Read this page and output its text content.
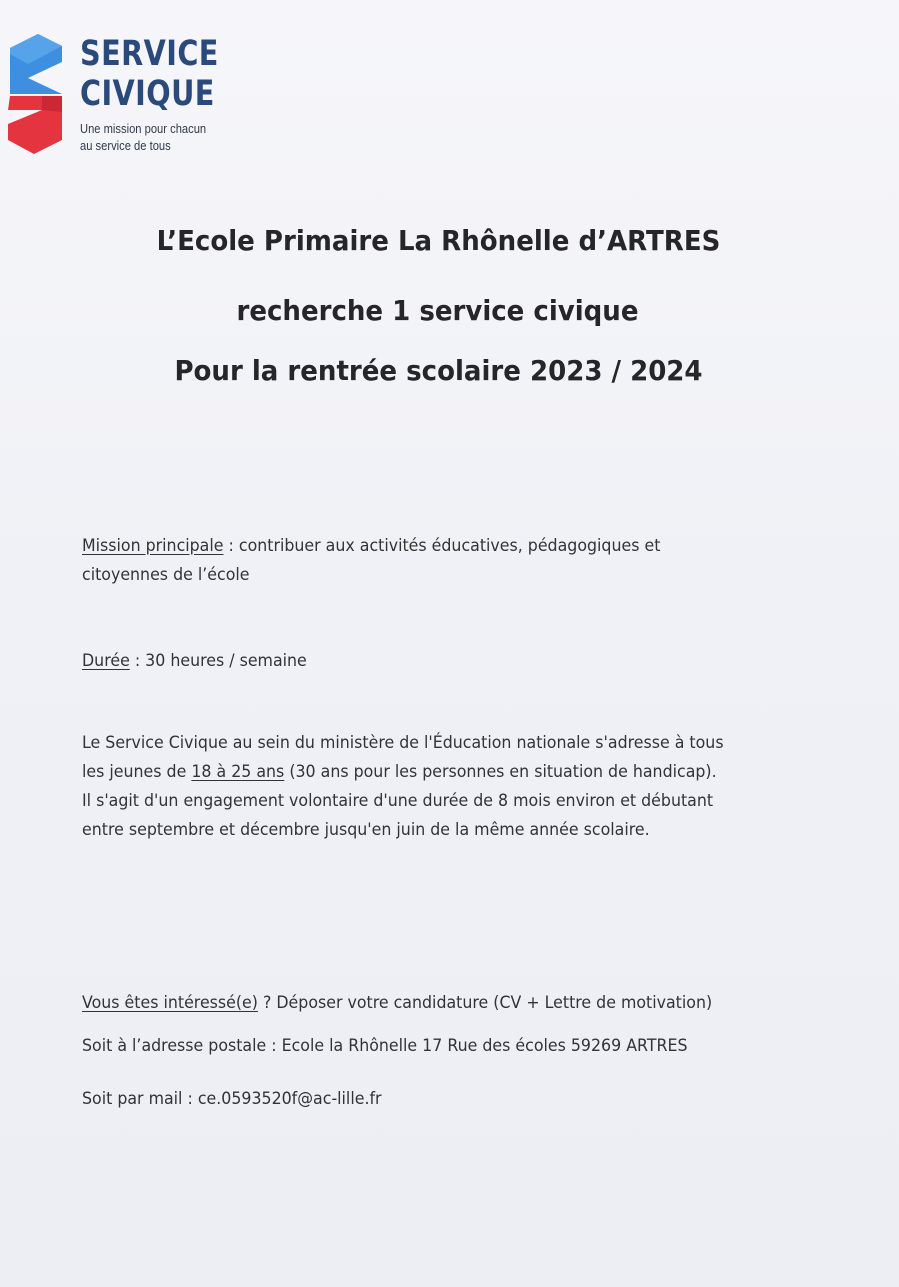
SERVICE
CIVIQUE
Une mission pour chacun
au service de tous
L’Ecole Primaire La Rhônelle d’ARTRES
recherche 1 service civique
Pour la rentrée scolaire 2023 / 2024
Mission principale : contribuer aux activités éducatives, pédagogiques et
citoyennes de l’école
Durée : 30 heures / semaine
Le Service Civique au sein du ministère de l'Éducation nationale s'adresse à tous
les jeunes de 18 à 25 ans (30 ans pour les personnes en situation de handicap).
Il s'agit d'un engagement volontaire d'une durée de 8 mois environ et débutant
entre septembre et décembre jusqu'en juin de la même année scolaire.
Vous êtes intéressé(e) ? Déposer votre candidature (CV + Lettre de motivation)
Soit à l’adresse postale : Ecole la Rhônelle 17 Rue des écoles 59269 ARTRES
Soit par mail : ce.0593520f@ac-lille.fr
